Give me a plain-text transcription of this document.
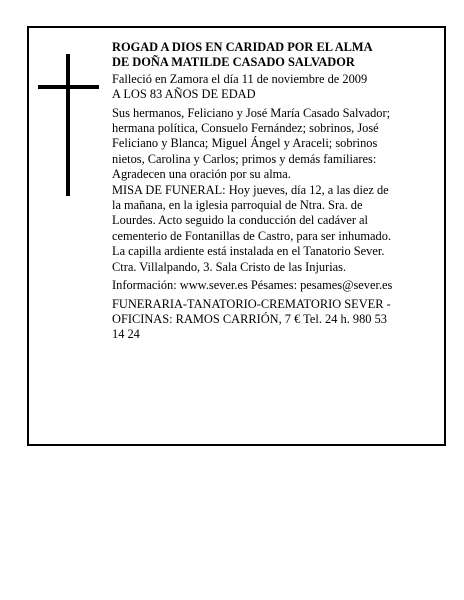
ROGAD A DIOS EN CARIDAD POR EL ALMA

DE DOÑA MATILDE CASADO SALVADOR

Falleció en Zamora el día 11 de noviembre de 2009

A LOS 83 AÑOS DE EDAD

Sus hermanos, Feliciano y José María Casado Salvador; hermana política, Consuelo Fernández; sobrinos, José Feliciano y Blanca; Miguel Ángel y Araceli; sobrinos nietos, Carolina y Carlos; primos y demás familiares:

Agradecen una oración por su alma.

MISA DE FUNERAL: Hoy jueves, día 12, a las diez de la mañana, en la iglesia parroquial de Ntra. Sra. de Lourdes. Acto seguido la conducción del cadáver al cementerio de Fontanillas de Castro, para ser inhumado.

La capilla ardiente está instalada en el Tanatorio Sever. Ctra. Villalpando, 3. Sala Cristo de las Injurias.

Información: www.sever.es Pésames: pesames@sever.es

FUNERARIA-TANATORIO-CREMATORIO SEVER - OFICINAS: RAMOS CARRIÓN, 7 € Tel. 24 h. 980 53 14 24
